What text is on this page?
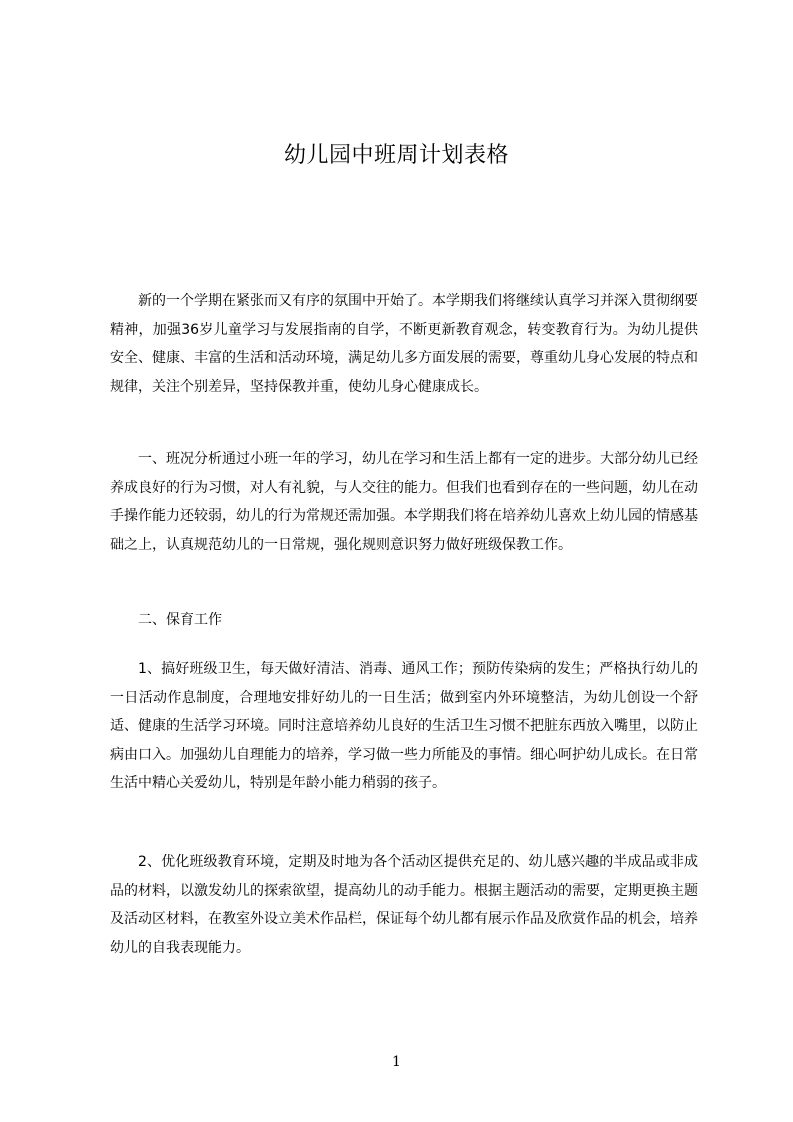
幼儿园中班周计划表格

新的一个学期在紧张而又有序的氛围中开始了。本学期我们将继续认真学习并深入贯彻纲要精神，加强36岁儿童学习与发展指南的自学，不断更新教育观念，转变教育行为。为幼儿提供安全、健康、丰富的生活和活动环境，满足幼儿多方面发展的需要，尊重幼儿身心发展的特点和规律，关注个别差异，坚持保教并重，使幼儿身心健康成长。

一、班况分析通过小班一年的学习，幼儿在学习和生活上都有一定的进步。大部分幼儿已经养成良好的行为习惯，对人有礼貌，与人交往的能力。但我们也看到存在的一些问题，幼儿在动手操作能力还较弱，幼儿的行为常规还需加强。本学期我们将在培养幼儿喜欢上幼儿园的情感基础之上，认真规范幼儿的一日常规，强化规则意识努力做好班级保教工作。

二、保育工作

1、搞好班级卫生，每天做好清洁、消毒、通风工作；预防传染病的发生；严格执行幼儿的一日活动作息制度，合理地安排好幼儿的一日生活；做到室内外环境整洁，为幼儿创设一个舒适、健康的生活学习环境。同时注意培养幼儿良好的生活卫生习惯不把脏东西放入嘴里，以防止病由口入。加强幼儿自理能力的培养，学习做一些力所能及的事情。细心呵护幼儿成长。在日常生活中精心关爱幼儿，特别是年龄小能力稍弱的孩子。

2、优化班级教育环境，定期及时地为各个活动区提供充足的、幼儿感兴趣的半成品或非成品的材料，以激发幼儿的探索欲望，提高幼儿的动手能力。根据主题活动的需要，定期更换主题及活动区材料，在教室外设立美术作品栏，保证每个幼儿都有展示作品及欣赏作品的机会，培养幼儿的自我表现能力。

1
